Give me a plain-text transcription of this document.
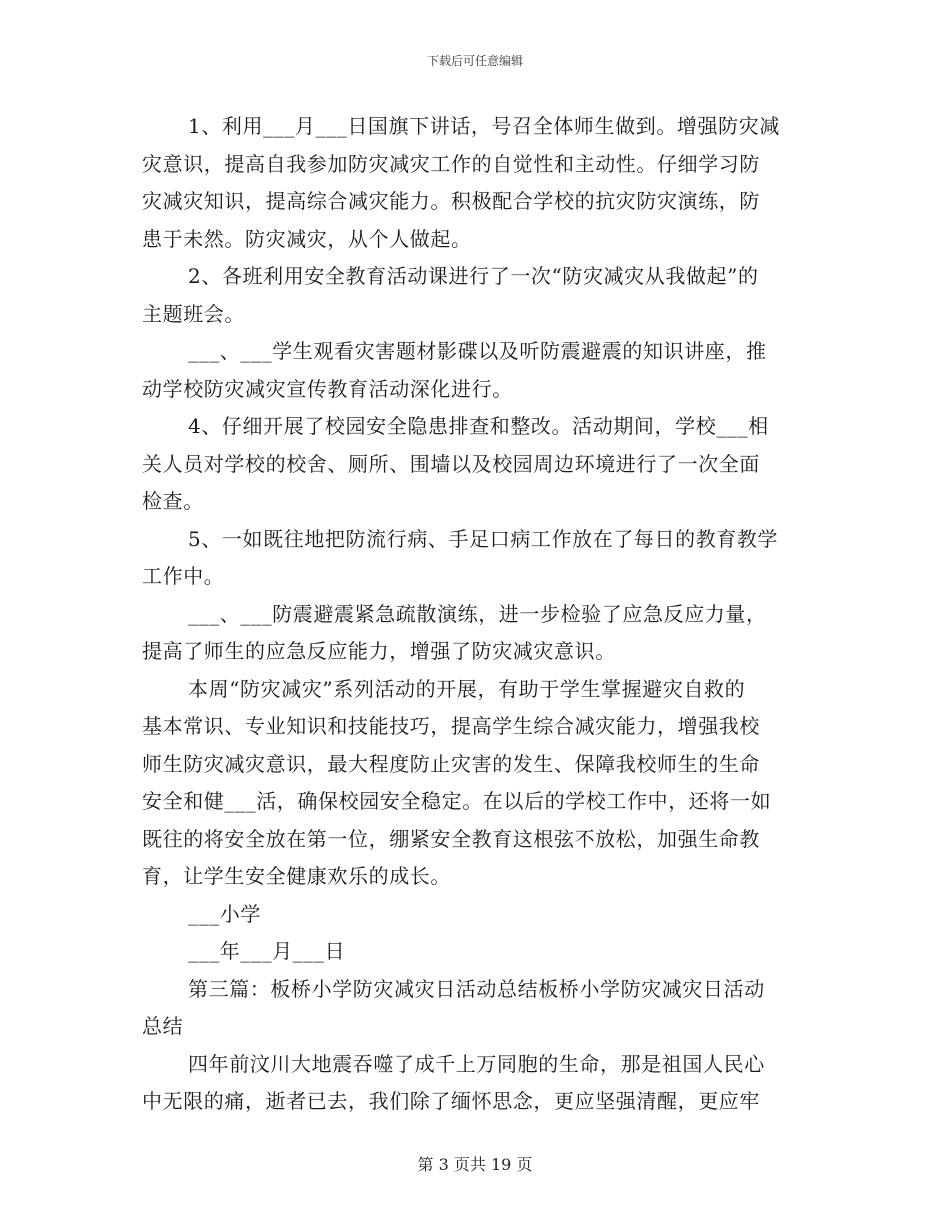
下载后可任意编辑
1、利用___月___日国旗下讲话，号召全体师生做到。增强防灾减
灾意识，提高自我参加防灾减灾工作的自觉性和主动性。仔细学习防
灾减灾知识，提高综合减灾能力。积极配合学校的抗灾防灾演练，防
患于未然。防灾减灾，从个人做起。
2、各班利用安全教育活动课进行了一次“防灾减灾从我做起”的
主题班会。
___、___学生观看灾害题材影碟以及听防震避震的知识讲座，推
动学校防灾减灾宣传教育活动深化进行。
4、仔细开展了校园安全隐患排查和整改。活动期间，学校___相
关人员对学校的校舍、厕所、围墙以及校园周边环境进行了一次全面
检查。
5、一如既往地把防流行病、手足口病工作放在了每日的教育教学
工作中。
___、___防震避震紧急疏散演练，进一步检验了应急反应力量，
提高了师生的应急反应能力，增强了防灾减灾意识。
本周“防灾减灾”系列活动的开展，有助于学生掌握避灾自救的
基本常识、专业知识和技能技巧，提高学生综合减灾能力，增强我校
师生防灾减灾意识，最大程度防止灾害的发生、保障我校师生的生命
安全和健___活，确保校园安全稳定。在以后的学校工作中，还将一如
既往的将安全放在第一位，绷紧安全教育这根弦不放松，加强生命教
育，让学生安全健康欢乐的成长。
___小学
___年___月___日
第三篇：板桥小学防灾减灾日活动总结板桥小学防灾减灾日活动
总结
四年前汶川大地震吞噬了成千上万同胞的生命，那是祖国人民心
中无限的痛，逝者已去，我们除了缅怀思念，更应坚强清醒，更应牢
第 3 页共 19 页
